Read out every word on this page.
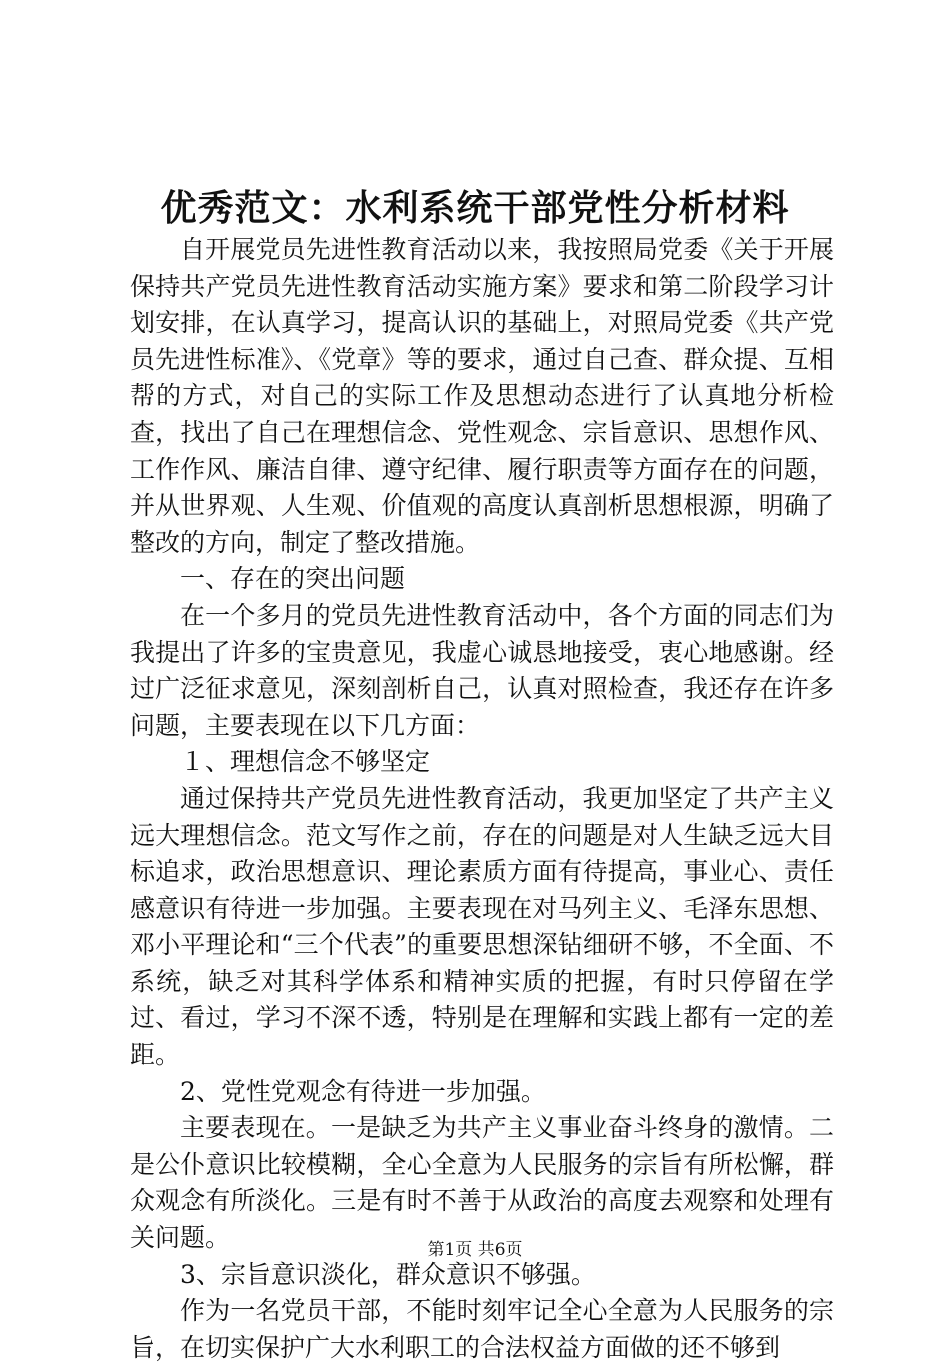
优秀范文：水利系统干部党性分析材料

自开展党员先进性教育活动以来，我按照局党委《关于开展保持共产党员先进性教育活动实施方案》要求和第二阶段学习计划安排，在认真学习，提高认识的基础上，对照局党委《共产党员先进性标准》、《党章》等的要求，通过自己查、群众提、互相帮的方式，对自己的实际工作及思想动态进行了认真地分析检查，找出了自己在理想信念、党性观念、宗旨意识、思想作风、工作作风、廉洁自律、遵守纪律、履行职责等方面存在的问题，并从世界观、人生观、价值观的高度认真剖析思想根源，明确了整改的方向，制定了整改措施。

一、存在的突出问题

在一个多月的党员先进性教育活动中，各个方面的同志们为我提出了许多的宝贵意见，我虚心诚恳地接受，衷心地感谢。经过广泛征求意见，深刻剖析自己，认真对照检查，我还存在许多问题，主要表现在以下几方面：

１、理想信念不够坚定

通过保持共产党员先进性教育活动，我更加坚定了共产主义远大理想信念。范文写作之前，存在的问题是对人生缺乏远大目标追求，政治思想意识、理论素质方面有待提高，事业心、责任感意识有待进一步加强。主要表现在对马列主义、毛泽东思想、邓小平理论和“三个代表”的重要思想深钻细研不够，不全面、不系统，缺乏对其科学体系和精神实质的把握，有时只停留在学过、看过，学习不深不透，特别是在理解和实践上都有一定的差距。

2、党性党观念有待进一步加强。

主要表现在。一是缺乏为共产主义事业奋斗终身的激情。二是公仆意识比较模糊，全心全意为人民服务的宗旨有所松懈，群众观念有所淡化。三是有时不善于从政治的高度去观察和处理有关问题。

3、宗旨意识淡化，群众意识不够强。

作为一名党员干部，不能时刻牢记全心全意为人民服务的宗旨，在切实保护广大水利职工的合法权益方面做的还不够到

第1页 共6页
